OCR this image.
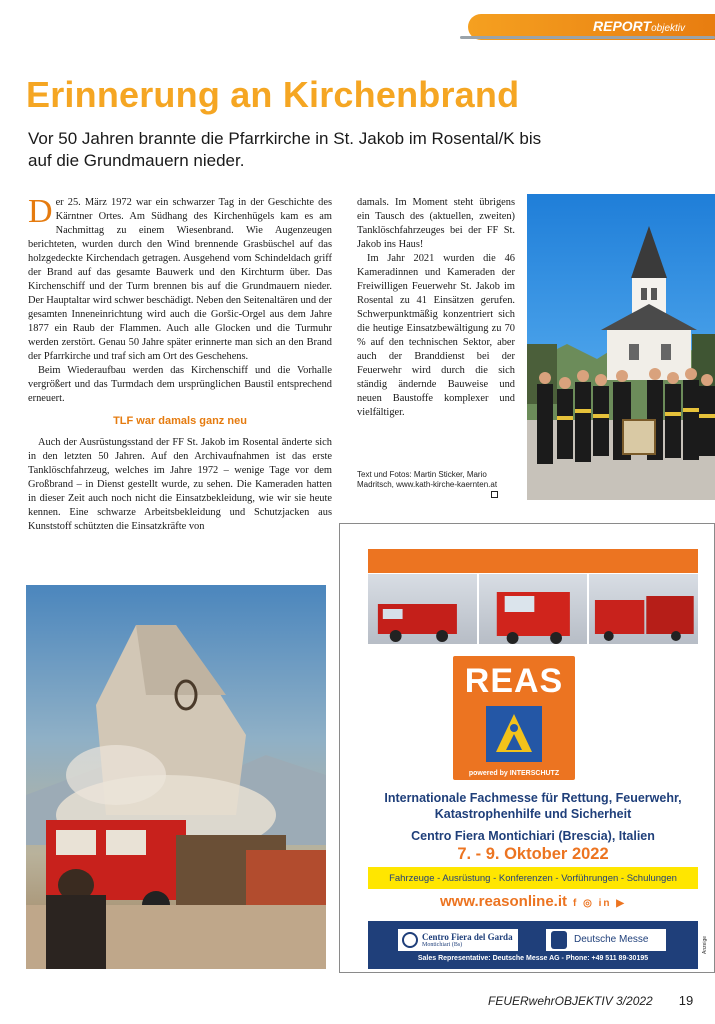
REPORTobjektiv
Erinnerung an Kirchenbrand
Vor 50 Jahren brannte die Pfarrkirche in St. Jakob im Rosental/K bis auf die Grundmauern nieder.

Der 25. März 1972 war ein schwarzer Tag in der Geschichte des Kärntner Ortes. Am Südhang des Kirchenhügels kam es am Nachmittag zu einem Wiesenbrand. Wie Augenzeugen berichteten, wurden durch den Wind brennende Grasbüschel auf das holzgedeckte Kirchendach getragen. Ausgehend vom Schindeldach griff der Brand auf das gesamte Bauwerk und den Kirchturm über. Das Kirchenschiff und der Turm brennen bis auf die Grundmauern nieder. Der Hauptaltar wird schwer beschädigt. Neben den Seitenaltären und der gesamten Inneneinrichtung wird auch die Goršic-Orgel aus dem Jahre 1877 ein Raub der Flammen. Auch alle Glocken und die Turmuhr werden zerstört. Genau 50 Jahre später erinnerte man sich an den Brand der Pfarrkirche und traf sich am Ort des Geschehens.

Beim Wiederaufbau werden das Kirchenschiff und die Vorhalle vergrößert und das Turmdach dem ursprünglichen Baustil entsprechend erneuert.

TLF war damals ganz neu

Auch der Ausrüstungsstand der FF St. Jakob im Rosental änderte sich in den letzten 50 Jahren. Auf den Archivaufnahmen ist das erste Tanklöschfahrzeug, welches im Jahre 1972 – wenige Tage vor dem Großbrand – in Dienst gestellt wurde, zu sehen. Die Kameraden hatten in dieser Zeit auch noch nicht die Einsatzbekleidung, wie wir sie heute kennen. Eine schwarze Arbeitsbekleidung und Schutzjacken aus Kunststoff schützten die Einsatzkräfte von

damals. Im Moment steht übrigens ein Tausch des (aktuellen, zweiten) Tanklöschfahrzeuges bei der FF St. Jakob ins Haus!

Im Jahr 2021 wurden die 46 Kameradinnen und Kameraden der Freiwilligen Feuerwehr St. Jakob im Rosental zu 41 Einsätzen gerufen. Schwerpunktmäßig konzentriert sich die heutige Einsatzbewältigung zu 70 % auf den technischen Sektor, aber auch der Branddienst bei der Feuerwehr wird durch die sich ständig ändernde Bauweise und neuen Baustoffe komplexer und vielfältiger.

Text und Fotos: Martin Sticker, Mario Madritsch, www.kath-kirche-kaernten.at
REAS
powered by INTERSCHUTZ
Internationale Fachmesse für Rettung, Feuerwehr, Katastrophenhilfe und Sicherheit
Centro Fiera Montichiari (Brescia), Italien
7. - 9. Oktober 2022
Fahrzeuge - Ausrüstung - Konferenzen - Vorführungen - Schulungen
www.reasonline.it f ◎ in ▶
Centro Fiera del Garda
Montichiari (Bs)	Deutsche Messe
Sales Representative: Deutsche Messe AG - Phone: +49 511 89-30195
Anzeige
FEUERwehrOBJEKTIV 3/2022 19
